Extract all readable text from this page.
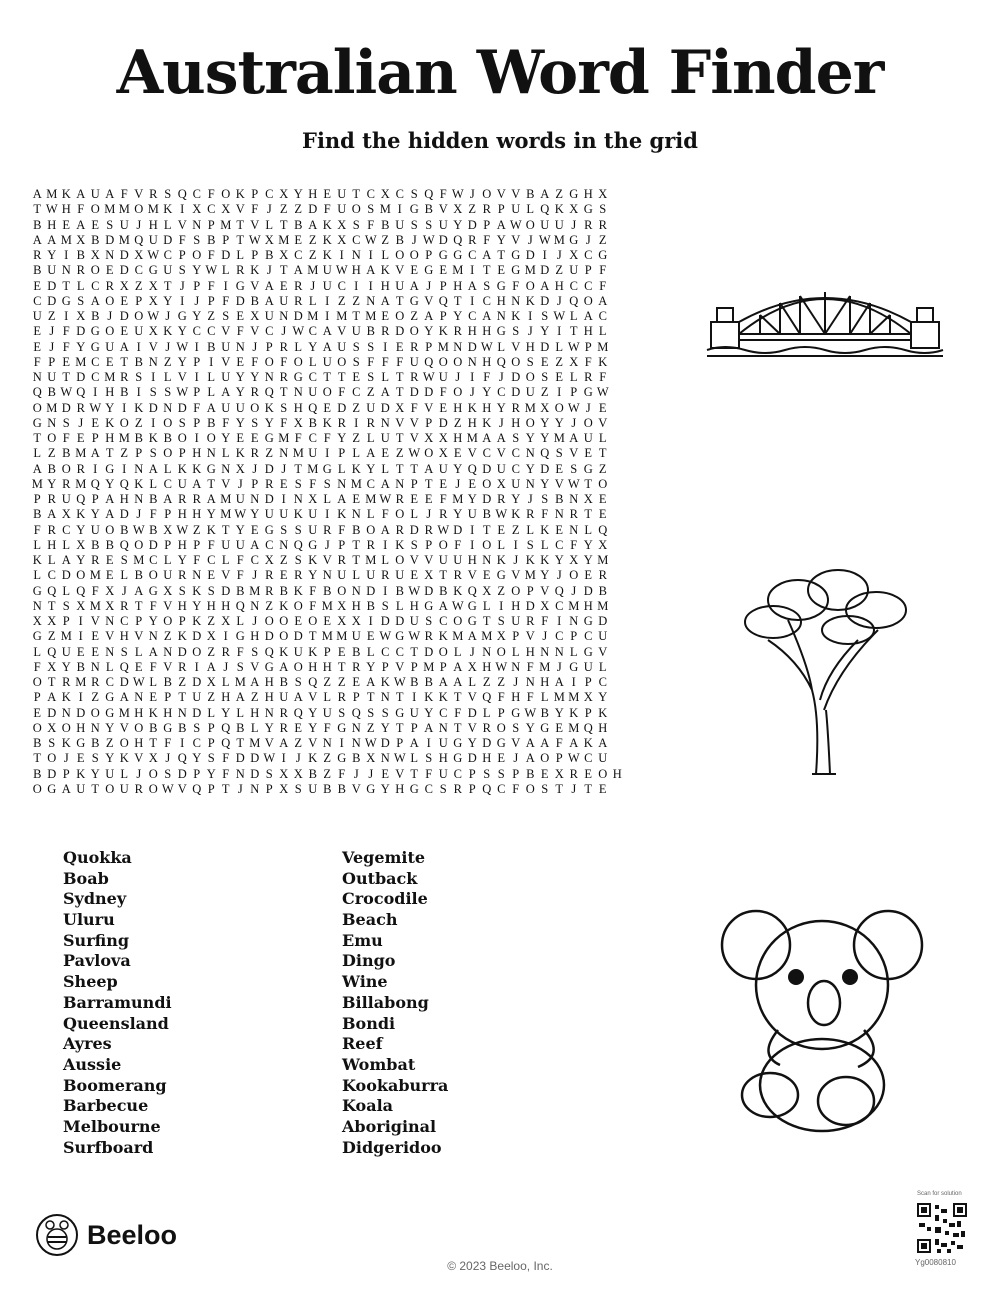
Australian Word Finder
Find the hidden words in the grid
A M K A U A F V R S Q C F O K P C X Y H E U T C X C S Q F W J O V V B A Z G H X
T W H F O M M O M K I X C X V F J Z Z D F U O S M I G B V X Z R P U L Q K X G S
B H E A E S U J H L V N P M T V L T B A K X S F B U S S U Y D P A W O U U J R R
A A M X B D M Q U D F S B P T W X M E Z K X C W Z B J W D Q R F Y V J W M G J Z
R Y I B X N D X W C P O F D L P B X C Z K I N I L O O P G G C A T G D I J X C G
B U N R O E D C G U S Y W L R K J T A M U W H A K V E G E M I T E G M D Z U P F
E D T L C R X Z X T J P F I G V A E R J U C I I H U A J P H A S G F O A H C C F
C D G S A O E P X Y I J P F D B A U R L I Z Z N A T G V Q T I C H N K D J Q O A
U Z I X B J D O W J G Y Z S E X U N D M I M T M E O Z A P Y C A N K I S W L A C
E J F D G O E U X K Y C C V F V C J W C A V U B R D O Y K R H H G S J Y I T H L
E J F Y G U A I V J W I B U N J P R L Y A U S S I E R P M N D W L V H D L W P M
F P E M C E T B N Z Y P I V E F O F O L U O S F F F U Q O O N H Q O S E Z X F K
N U T D C M R S I L V I L U Y Y N R G C T T E S L T R W U J I F J D O S E L R F
Q B W Q I H B I S S W P L A Y R Q T N U O F C Z A T D D F O J Y C D U Z I P G W
O M D R W Y I K D N D F A U U O K S H Q E D Z U D X F V E H K H Y R M X O W J E
G N S J E K O Z I O S P B F Y S Y F X B K R I R N V V P D Z H K J H O Y Y J O V
T O F E P H M B K B O I O Y E E G M F C F Y Z L U T V X X H M A A S Y Y M A U L
L Z B M A T Z P S O P H N L K R Z N M U I P L A E Z W O X E V C V C N Q S V E T
A B O R I G I N A L K K G N X J D J T M G L K Y L T T A U Y Q D U C Y D E S G Z
M Y R M Q Y Q K L C U A T V J P R E S F S N M C A N P T E J E O X U N Y V W T O
P R U Q P A H N B A R R A M U N D I N X L A E M W R E E F M Y D R Y J S B N X E
B A X K Y A D J F P H H Y M W Y U U K U I K N L F O L J R Y U B W K R F N R T E
F R C Y U O B W B X W Z K T Y E G S S U R F B O A R D R W D I T E Z L K E N L Q
L H L X B B Q O D P H P F U U A C N Q G J P T R I K S P O F I O L I S L C F Y X
K L A Y R E S M C L Y F C L F C X Z S K V R T M L O V V U U H N K J K K Y X Y M
L C D O M E L B O U R N E V F J R E R Y N U L U R U E X T R V E G V M Y J O E R
G Q L Q F X J A G X S K S D B M R B K F B O N D I B W D B K Q X Z O P V Q J D B
N T S X M X R T F V H Y H H Q N Z K O F M X H B S L H G A W G L I H D X C M H M
X X P I V N C P Y O P K Z X L J O O E O E X X I D D U S C O G T S U R F I N G D
G Z M I E V H V N Z K D X I G H D O D T M M U E W G W R K M A M X P V J C P C U
L Q U E E N S L A N D O Z R F S Q K U K P E B L C C T D O L J N O L H N N L G V
F X Y B N L Q E F V R I A J S V G A O H H T R Y P V P M P A X H W N F M J G U L
O T R M R C D W L B Z D X L M A H B S Q Z Z E A K W B B A A L Z Z J N H A I P C
P A K I Z G A N E P T U Z H A Z H U A V L R P T N T I K K T V Q F H F L M M X Y
E D N D O G M H K H N D L Y L H N R Q Y U S Q S S G U Y C F D L P G W B Y K P K
O X O H N Y V O B G B S P Q B L Y R E Y F G N Z Y T P A N T V R O S Y G E M Q H
B S K G B Z O H T F I C P Q T M V A Z V N I N W D P A I U G Y D G V A A F A K A
T O J E S Y K V X J Q Y S F D D W I J K Z G B X N W L S H G D H E J A O P W C U
B D P K Y U L J O S D P Y F N D S X X B Z F J J E V T F U C P S S P B E X R E O H
O G A U T O U R O W V Q P T J N P X S U B B V G Y H G C S R P Q C F O S T J T E
Quokka
Boab
Sydney
Uluru
Surfing
Pavlova
Sheep
Barramundi
Queensland
Ayres
Aussie
Boomerang
Barbecue
Melbourne
Surfboard
Vegemite
Outback
Crocodile
Beach
Emu
Dingo
Wine
Billabong
Bondi
Reef
Wombat
Kookaburra
Koala
Aboriginal
Didgeridoo
Beeloo
© 2023 Beeloo, Inc.
Scan for solution
Yg0080810
